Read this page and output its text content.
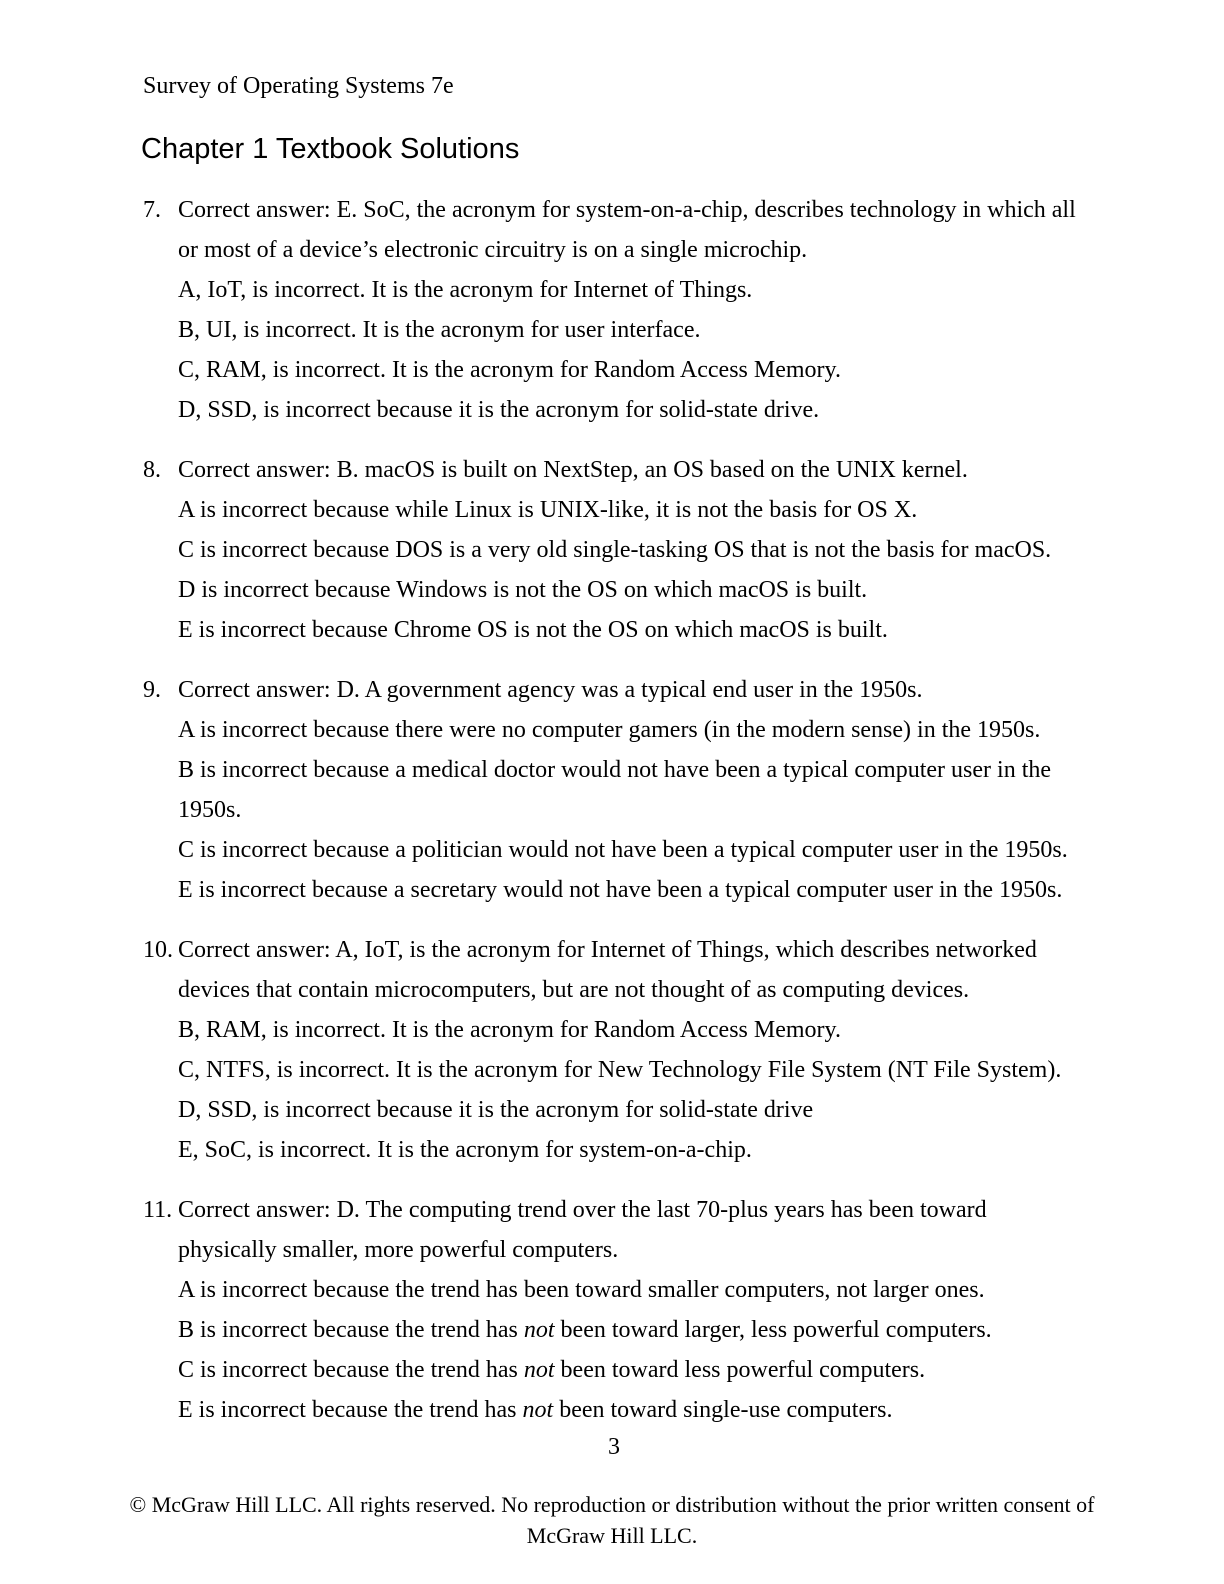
Survey of Operating Systems 7e
Chapter 1 Textbook Solutions
7. Correct answer: E. SoC, the acronym for system-on-a-chip, describes technology in which all
or most of a device’s electronic circuitry is on a single microchip.
A, IoT, is incorrect. It is the acronym for Internet of Things.
B, UI, is incorrect. It is the acronym for user interface.
C, RAM, is incorrect. It is the acronym for Random Access Memory.
D, SSD, is incorrect because it is the acronym for solid-state drive.
8. Correct answer: B. macOS is built on NextStep, an OS based on the UNIX kernel.
A is incorrect because while Linux is UNIX-like, it is not the basis for OS X.
C is incorrect because DOS is a very old single-tasking OS that is not the basis for macOS.
D is incorrect because Windows is not the OS on which macOS is built.
E is incorrect because Chrome OS is not the OS on which macOS is built.
9. Correct answer: D. A government agency was a typical end user in the 1950s.
A is incorrect because there were no computer gamers (in the modern sense) in the 1950s.
B is incorrect because a medical doctor would not have been a typical computer user in the
1950s.
C is incorrect because a politician would not have been a typical computer user in the 1950s.
E is incorrect because a secretary would not have been a typical computer user in the 1950s.
10. Correct answer: A, IoT, is the acronym for Internet of Things, which describes networked
devices that contain microcomputers, but are not thought of as computing devices.
B, RAM, is incorrect. It is the acronym for Random Access Memory.
C, NTFS, is incorrect. It is the acronym for New Technology File System (NT File System).
D, SSD, is incorrect because it is the acronym for solid-state drive
E, SoC, is incorrect. It is the acronym for system-on-a-chip.
11. Correct answer: D. The computing trend over the last 70-plus years has been toward
physically smaller, more powerful computers.
A is incorrect because the trend has been toward smaller computers, not larger ones.
B is incorrect because the trend has not been toward larger, less powerful computers.
C is incorrect because the trend has not been toward less powerful computers.
E is incorrect because the trend has not been toward single-use computers.
3
© McGraw Hill LLC. All rights reserved. No reproduction or distribution without the prior written consent of
McGraw Hill LLC.
